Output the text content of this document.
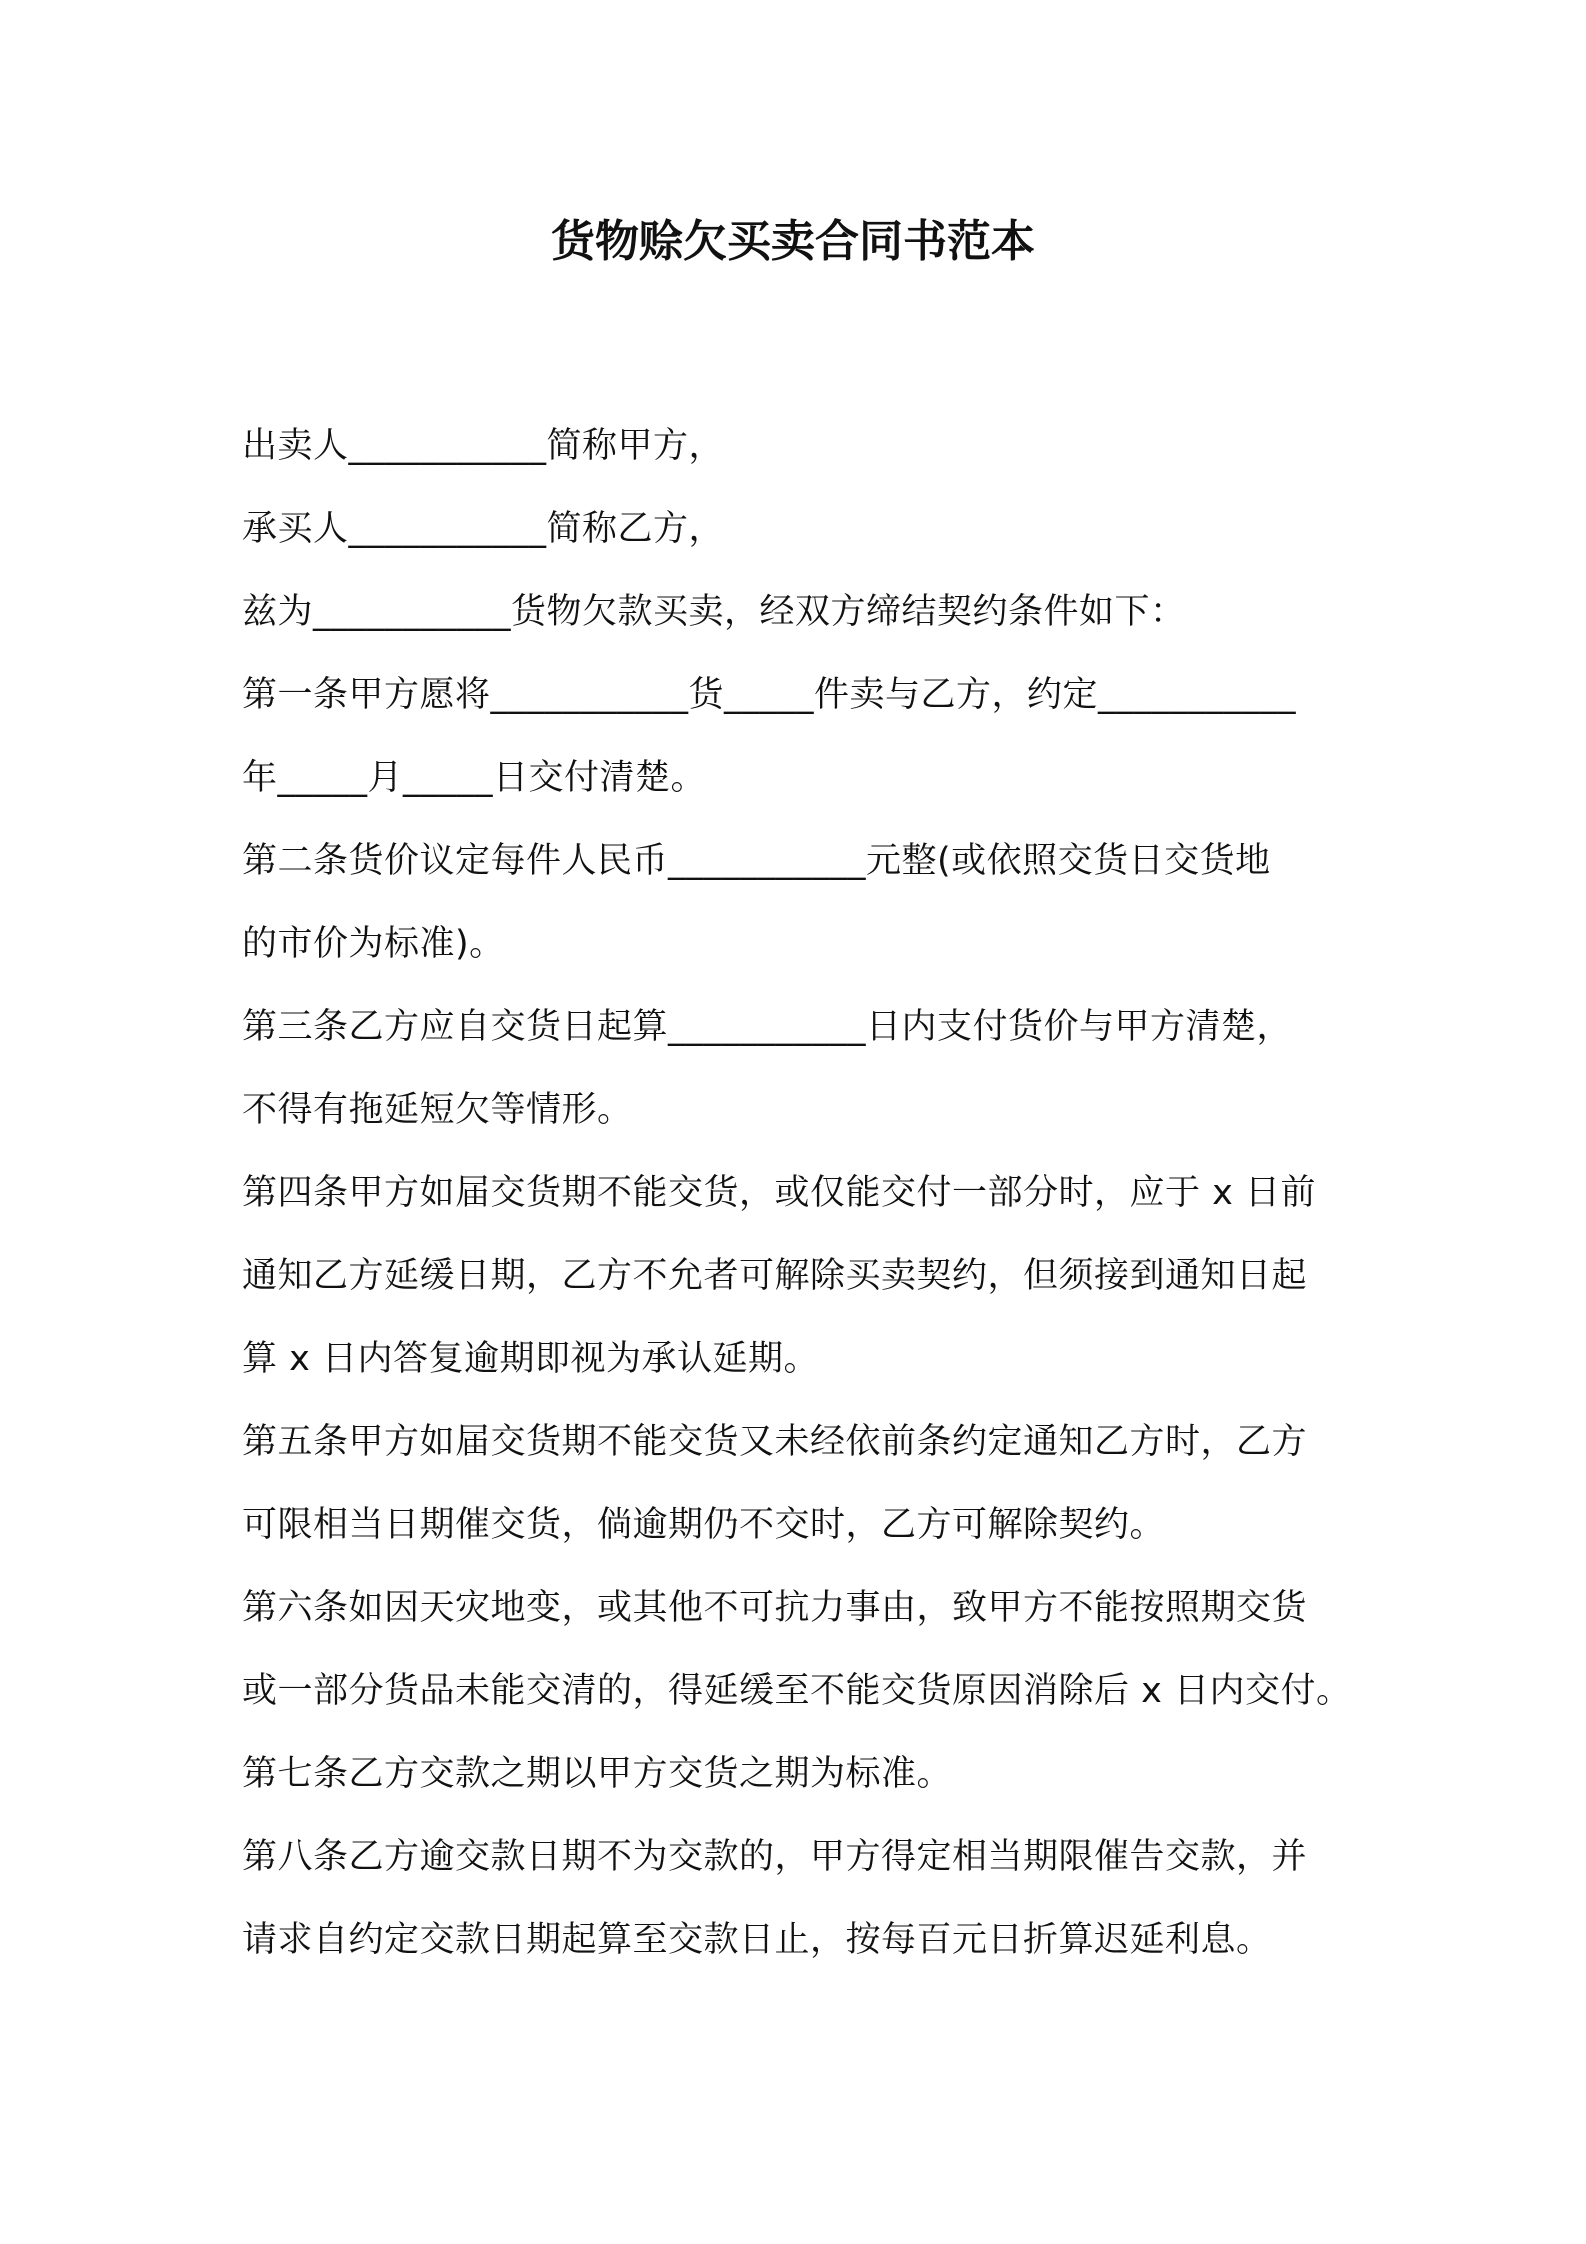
货物赊欠买卖合同书范本
出卖人___________简称甲方，
承买人___________简称乙方，
兹为___________货物欠款买卖，经双方缔结契约条件如下：
第一条甲方愿将___________货_____件卖与乙方，约定___________
年_____月_____日交付清楚。
第二条货价议定每件人民币___________元整(或依照交货日交货地
的市价为标准)。
第三条乙方应自交货日起算___________日内支付货价与甲方清楚，
不得有拖延短欠等情形。
第四条甲方如届交货期不能交货，或仅能交付一部分时，应于 x 日前
通知乙方延缓日期，乙方不允者可解除买卖契约，但须接到通知日起
算 x 日内答复逾期即视为承认延期。
第五条甲方如届交货期不能交货又未经依前条约定通知乙方时，乙方
可限相当日期催交货，倘逾期仍不交时，乙方可解除契约。
第六条如因天灾地变，或其他不可抗力事由，致甲方不能按照期交货
或一部分货品未能交清的，得延缓至不能交货原因消除后 x 日内交付。
第七条乙方交款之期以甲方交货之期为标准。
第八条乙方逾交款日期不为交款的，甲方得定相当期限催告交款，并
请求自约定交款日期起算至交款日止，按每百元日折算迟延利息。
